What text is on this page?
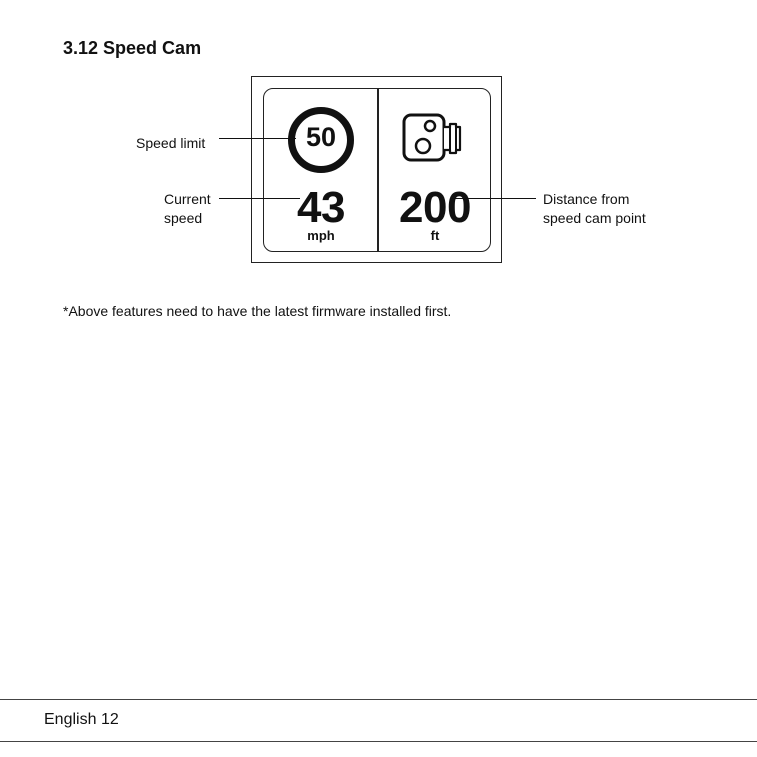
3.12 Speed Cam
50
43
mph
200
ft
Speed limit
Current
speed
Distance from
speed cam point

*Above features need to have the latest firmware installed first.

English 12
